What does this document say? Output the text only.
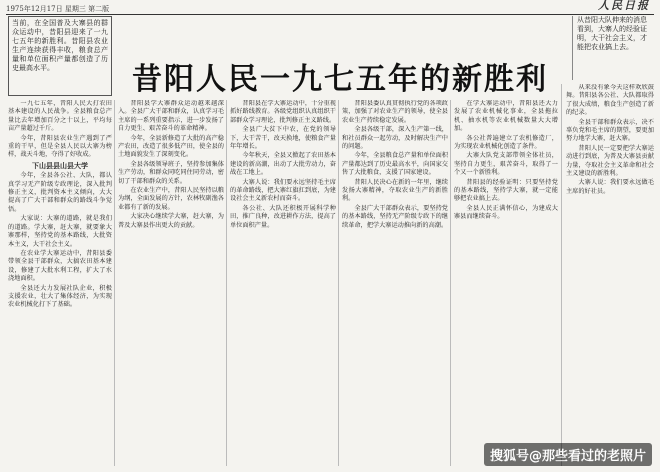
1975年12月17日 星期三 第二版	人民日报
当前，在全国普及大寨县的群众运动中，昔阳县迎来了一九七五年的新胜利。昔阳县农业生产连续获得丰收，粮食总产量和单位面积产量都创造了历史最高水平。	昔阳人民一九七五年的新胜利
从昔阳大队伸来的消息看到，大寨人的经验证明，大干社会主义，才能把农业搞上去。

一九七五年，昔阳人民大打农田基本建设的人民战争。全县粮食总产量比去年增加百分之十以上，平均每亩产量超过千斤。

今年，昔阳县农业生产遇到了严重的干旱，但是全县人民以大寨为榜样，战天斗地，夺得了好收成。

下山县县山县大学

今年，全县各公社、大队，都认真学习无产阶级专政理论，深入批判修正主义，批判资本主义倾向，大大提高了广大干部和群众的路线斗争觉悟。

大家说：大寨的道路，就是我们的道路。学大寨，赶大寨，就要象大寨那样，坚持党的基本路线，大批资本主义，大干社会主义。

在农业学大寨运动中，昔阳县委带领全县干部群众，大搞农田基本建设，修建了大批水利工程，扩大了水浇地面积。

全县还大力发展社队企业，积极支援农业，壮大了集体经济，为实现农业机械化打下了基础。

昔阳县学大寨群众运动越来越深入。全县广大干部和群众，认真学习毛主席的一系列重要指示，进一步发扬了自力更生、艰苦奋斗的革命精神。

今年，全县新修造了大批的高产稳产农田，改造了很多低产田，使全县的土地面貌发生了深刻变化。

全县各级领导班子，坚持参加集体生产劳动，和群众同吃同住同劳动，密切了干部和群众的关系。

在农业生产中，昔阳人民坚持以粮为纲，全面发展的方针，农林牧副渔各业都有了新的发展。

大家决心继续学大寨，赶大寨，为普及大寨县作出更大的贡献。

昔阳县在学大寨运动中，十分重视抓好路线教育。各级党组织认真组织干部群众学习理论，批判修正主义路线。

全县广大贫下中农，在党的领导下，大干苦干，改天换地，使粮食产量年年增长。

今年秋天，全县又掀起了农田基本建设的新高潮，出动了大批劳动力，奋战在工地上。

大寨人说：我们要永远坚持毛主席的革命路线，把大寨红旗扛到底，为建设社会主义新农村而奋斗。

各公社、大队还积极开展科学种田，推广良种，改进耕作方法，提高了单位面积产量。

昔阳县委认真贯彻执行党的各项政策，加强了对农业生产的领导，使全县农业生产持续稳定发展。

全县各级干部，深入生产第一线，和社员群众一起劳动，及时解决生产中的问题。

今年，全县粮食总产量和单位面积产量都达到了历史最高水平，向国家交售了大批粮食，支援了国家建设。

昔阳人民决心在新的一年里，继续发扬大寨精神，夺取农业生产的新胜利。

全县广大干部群众表示，要坚持党的基本路线，坚持无产阶级专政下的继续革命，把学大寨运动推向新的高潮。

在学大寨运动中，昔阳县还大力发展了农业机械化事业，全县拖拉机、抽水机等农业机械数量大大增加。

各公社普遍建立了农机修造厂，为实现农业机械化创造了条件。

大寨大队党支部带领全体社员，坚持自力更生，艰苦奋斗，取得了一个又一个新胜利。

昔阳县的经验证明：只要坚持党的基本路线，坚持学大寨，就一定能够把农业搞上去。

全县人民正满怀信心，为建成大寨县而继续奋斗。

从来没有象今天这样欢欣鼓舞。昔阳县各公社、大队都取得了很大成绩，粮食生产创造了新的纪录。

全县干部和群众表示，决不辜负党和毛主席的期望，要更加努力地学大寨，赶大寨。

昔阳人民一定要把学大寨运动进行到底，为普及大寨县贡献力量，夺取社会主义革命和社会主义建设的新胜利。

大寨人说：我们要永远做毛主席的好社员。

搜狐号@那些看过的老照片
